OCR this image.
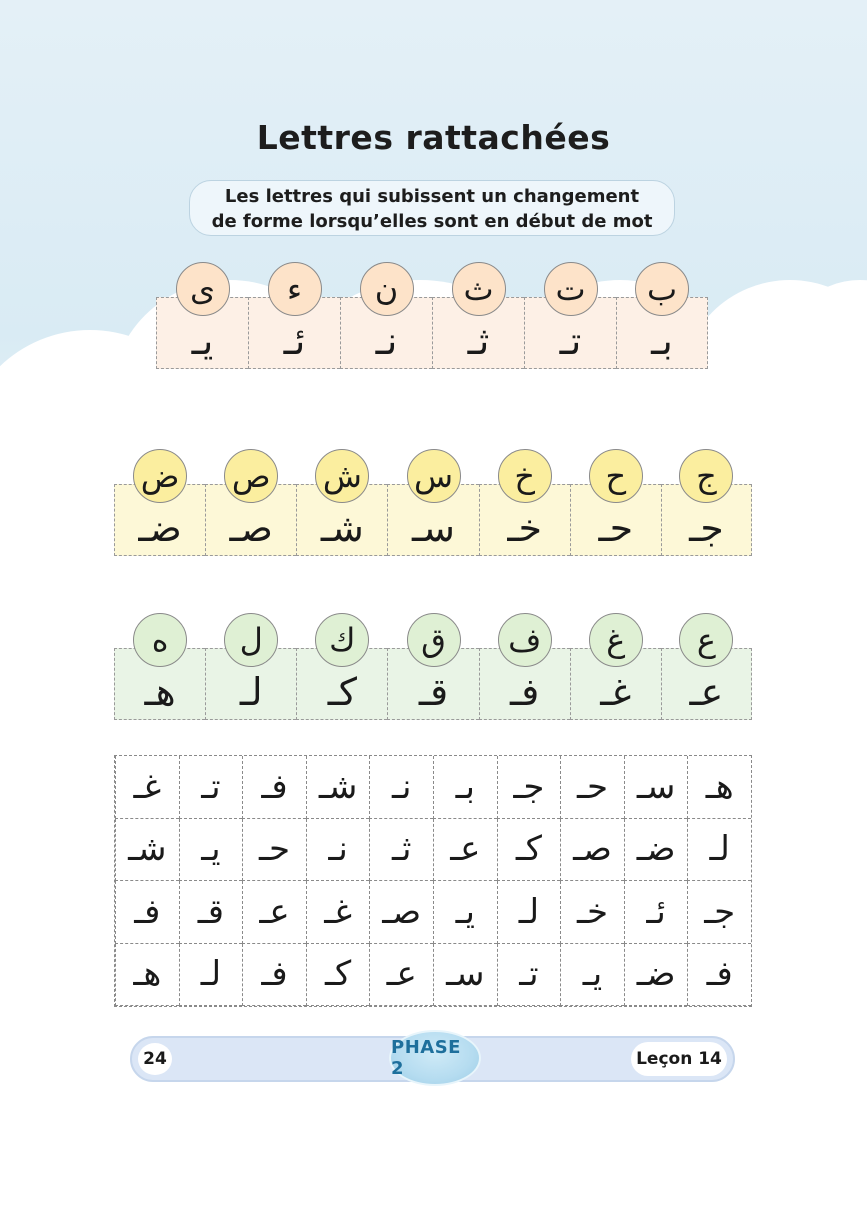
Lettres rattachées
Les lettres qui subissent un changement
de forme lorsqu’elles sont en début de mot
ب
بـ
ت
تـ
ث
ثـ
ن
نـ
ء
ئـ
ى
يـ
ج
جـ
ح
حـ
خ
خـ
س
سـ
ش
شـ
ص
صـ
ض
ضـ
ع
عـ
غ
غـ
ف
فـ
ق
قـ
ك
كـ
ل
لـ
ه
هـ
هـ
سـ
حـ
جـ
بـ
نـ
شـ
فـ
تـ
غـ
لـ
ضـ
صـ
كـ
عـ
ثـ
نـ
حـ
يـ
شـ
جـ
ئـ
خـ
لـ
يـ
صـ
غـ
عـ
قـ
فـ
فـ
ضـ
يـ
تـ
سـ
عـ
كـ
فـ
لـ
هـ
24
PHASE 2	Leçon 14
